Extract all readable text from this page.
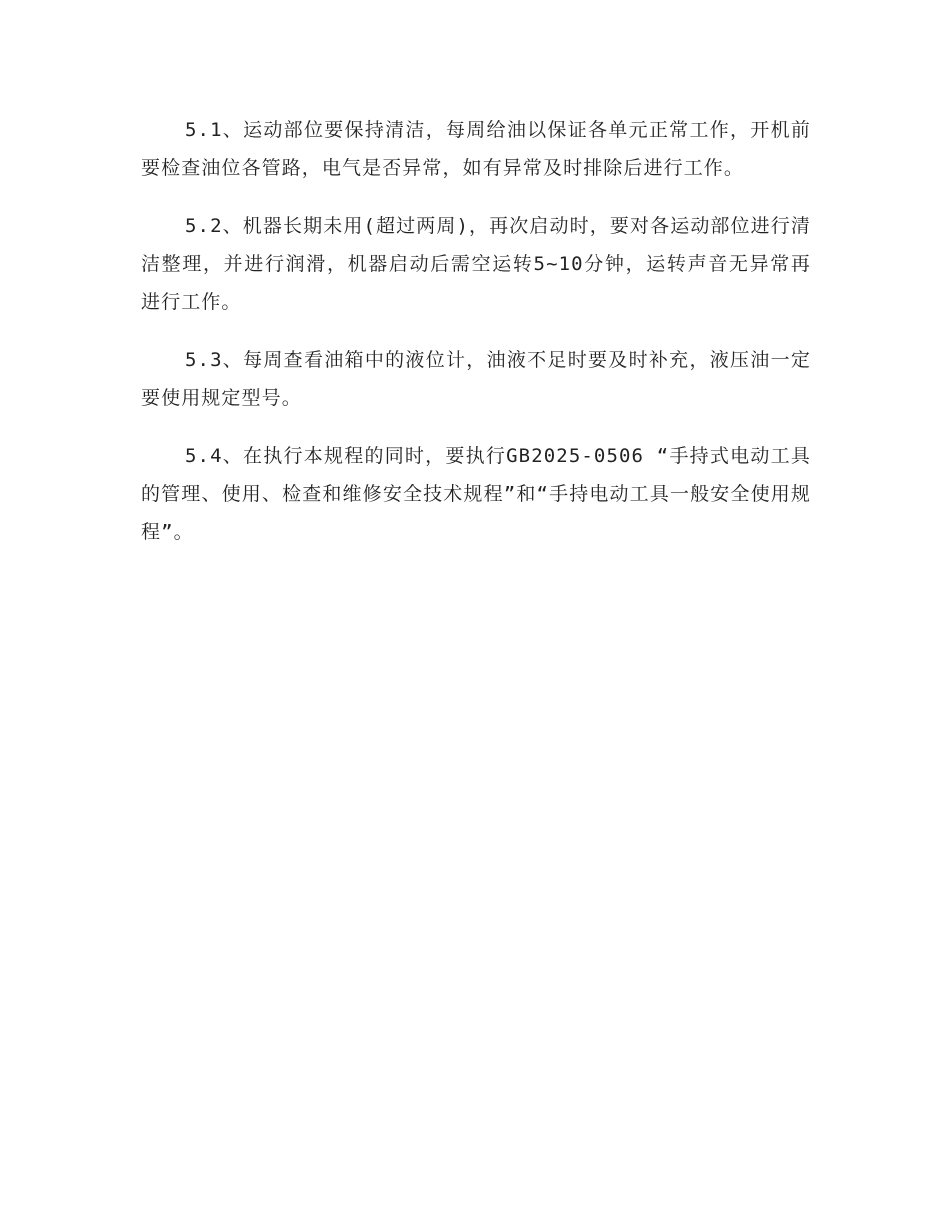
5.1、运动部位要保持清洁，每周给油以保证各单元正常工作，开机前要检查油位各管路，电气是否异常，如有异常及时排除后进行工作。

5.2、机器长期未用(超过两周)，再次启动时，要对各运动部位进行清洁整理，并进行润滑，机器启动后需空运转5~10分钟，运转声音无异常再进行工作。

5.3、每周查看油箱中的液位计，油液不足时要及时补充，液压油一定要使用规定型号。

5.4、在执行本规程的同时，要执行GB2025-0506 “手持式电动工具的管理、使用、检查和维修安全技术规程”和“手持电动工具一般安全使用规程”。
